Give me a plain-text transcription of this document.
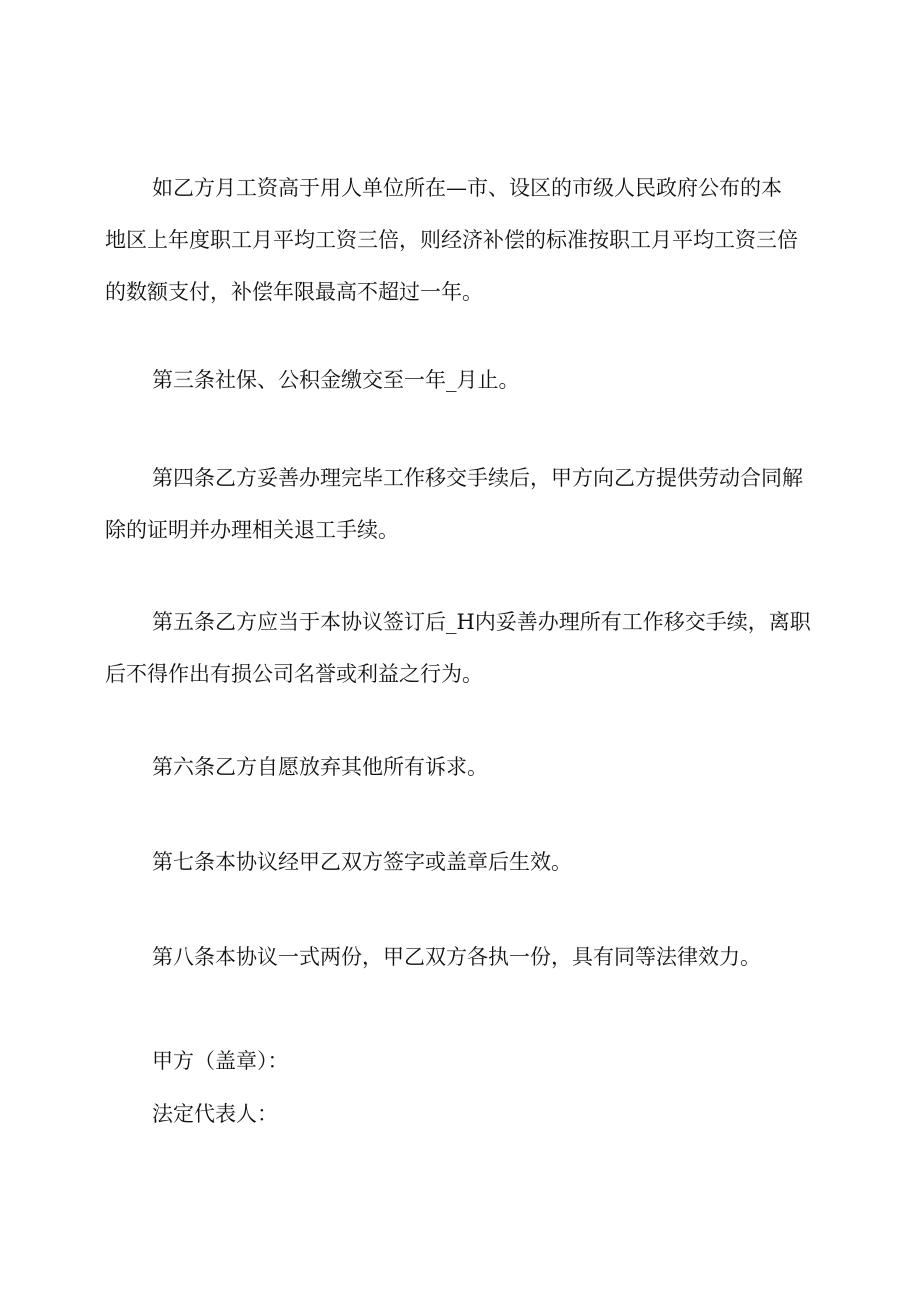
如乙方月工资高于用人单位所在—市、设区的市级人民政府公布的本
地区上年度职工月平均工资三倍，则经济补偿的标准按职工月平均工资三倍
的数额支付，补偿年限最高不超过一年。

第三条社保、公积金缴交至一年_月止。

第四条乙方妥善办理完毕工作移交手续后，甲方向乙方提供劳动合同解
除的证明并办理相关退工手续。

第五条乙方应当于本协议签订后_H内妥善办理所有工作移交手续，离职
后不得作出有损公司名誉或利益之行为。

第六条乙方自愿放弃其他所有诉求。

第七条本协议经甲乙双方签字或盖章后生效。

第八条本协议一式两份，甲乙双方各执一份，具有同等法律效力。

甲方（盖章）：

法定代表人：
